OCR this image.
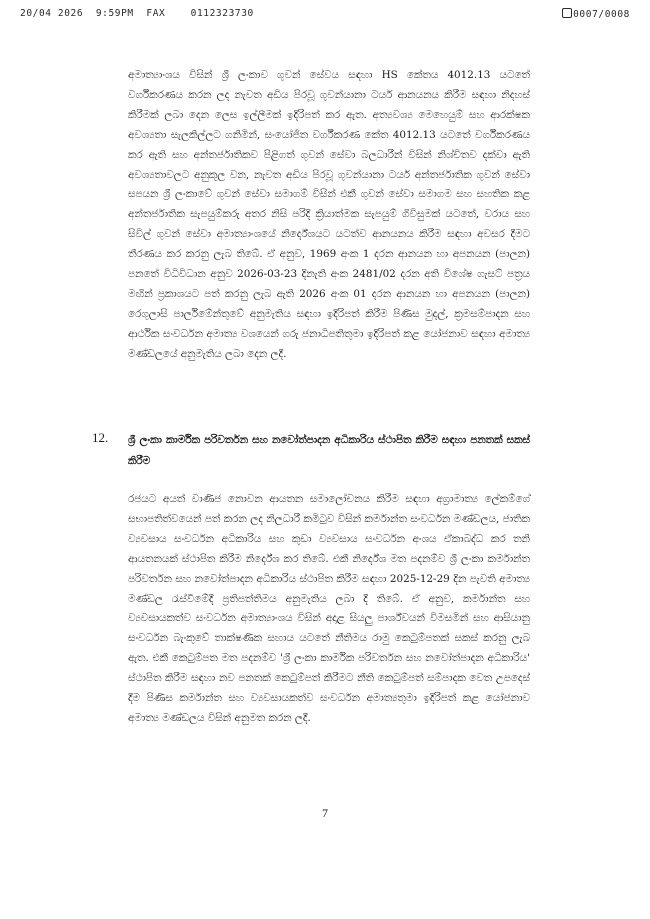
20/04 2026  9:59PM FAX	0112323730	0007/0008

අමාත්‍යාංශය විසින් ශ්‍රී ලංකාව ගුවන් සේවය සඳහා HS කේතය 4012.13 යටතේ වර්ගීකරණය කරන ලද නැවත අඩිය පිරවූ ගුවන්යානා ටයර් ආනයනය කිරීම සඳහා නිදහස් කිරීමක් ලබා දෙන ලෙස ඉල්ලීමක් ඉදිරිපත් කර ඇත. අත්‍යවශ්‍ය මෙහෙයුම් සහ ආරක්ෂක අවශ්‍යතා සැලකිල්ලට ගනිමින්, සංයෝජිත වර්ගීකරණ කේත 4012.13 යටතේ වර්ගීකරණය කර ඇති සහ අන්තර්ජාතිකව පිළිගත් ගුවන් සේවා බලධාරීන් විසින් නිශ්චිතව දක්වා ඇති අවශ්‍යතාවලට අනුකූල වන, නැවත අඩිය පිරවූ ගුවන්යානා ටයර් අන්තර්ජාතික ගුවන් සේවා සපයන ශ්‍රී ලංකාවේ ගුවන් සේවා සමාගම් විසින් එකී ගුවන් සේවා සමාගම සහ සහතික කළ අන්තර්ජාතික සැපයුම්කරු අතර නිසි පරිදි ක්‍රියාත්මක සැපයුම් ගිවිසුමක් යටතේ, වරාය සහ සිවිල් ගුවන් සේවා අමාත්‍යාංශයේ නිර්දේශයට යටත්ව ආනයනය කිරීම සඳහා අවසර දීමට තීරණය කර කරනු ලැබ තිබේ. ඒ අනුව, 1969 අංක 1 දරන ආනයන හා අපනයන (පාලන) පනතේ විධිවිධාන අනුව 2026-03-23 දිනැති අංක 2481/02 දරන අති විශේෂ ගැසට් පත්‍රය මඟින් ප්‍රකාශයට පත් කරනු ලැබ ඇති 2026 අංක 01 දරන ආනයන හා අපනයන (පාලන) රෙගුලාසි පාර්ලිමේන්තුවේ අනුමැතිය සඳහා ඉදිරිපත් කිරීම පිණිස මුදල්, ක්‍රමසම්පාදන සහ ආර්ථික සංවර්ධන අමාත්‍ය වශයෙන් ගරු ජනාධිපතිතුමා ඉදිරිපත් කළ යෝජනාව සඳහා අමාත්‍ය මණ්ඩලයේ අනුමැතිය ලබා දෙන ලදී.

12. ශ්‍රී ලංකා කාර්මික පරිවර්තන සහ නවෝත්පාදන අධිකාරිය ස්ථාපිත කිරීම සඳහා පනතක් සකස් කිරීම

රජයට අයත් වාණිජ නොවන ආයතන සමාලෝචනය කිරීම සඳහා අග්‍රාමාත්‍ය ලේකම්ගේ සභාපතිත්වයෙන් පත් කරන ලද නිලධාරී කමිටුව විසින් කර්මාන්ත සංවර්ධන මණ්ඩලය, ජාතික ව්‍යවසාය සංවර්ධන අධිකාරිය සහ කුඩා ව්‍යවසාය සංවර්ධන අංශය ඒකාබද්ධ කර තනි ආයතනයක් ස්ථාපිත කිරීම නිර්දේශ කර තිබේ. එකී නිර්දේශ මත පදනම්ව ශ්‍රී ලංකා කර්මාන්ත පරිවර්තන සහ නවෝත්පාදන අධිකාරිය ස්ථාපිත කිරීම සඳහා 2025-12-29 දින පැවති අමාත්‍ය මණ්ඩල රැස්වීමේදී ප්‍රතිපත්තිමය අනුමැතිය ලබා දී තිබේ. ඒ අනුව, කර්මාන්ත සහ ව්‍යවසායකත්ව සංවර්ධන අමාත්‍යාංශය විසින් අදාළ සියලු පාර්ශ්වයන් විමසමින් සහ ආසියානු සංවර්ධන බැංකුවේ තාක්ෂණික සහාය යටතේ නීතිමය රාමු කෙටුම්පතක් සකස් කරනු ලැබ ඇත. එකී කෙටුම්පත මත පදනම්ව 'ශ්‍රී ලංකා කාර්මික පරිවර්තන සහ නවෝත්පාදන අධිකාරිය' ස්ථාපිත කිරීම සඳහා නව පනතක් කෙටුම්පත් කිරීමට නීති කෙටුම්පත් සම්පාදක වෙත උපදෙස් දීම පිණිස කර්මාන්ත සහ ව්‍යවසායකත්ව සංවර්ධන අමාත්‍යතුමා ඉදිරිපත් කළ යෝජනාව අමාත්‍ය මණ්ඩලය විසින් අනුමත කරන ලදී.

7
